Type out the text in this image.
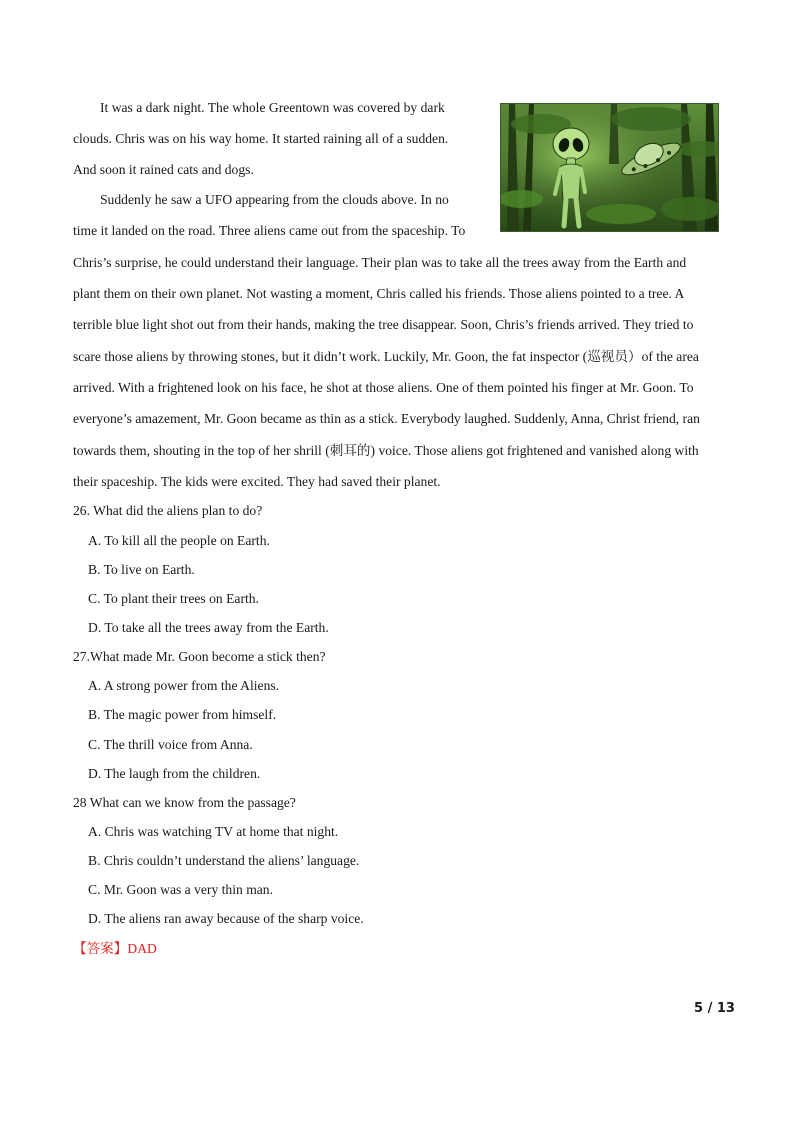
It was a dark night. The whole Greentown was covered by dark
clouds. Chris was on his way home. It started raining all of a sudden.
And soon it rained cats and dogs.
Suddenly he saw a UFO appearing from the clouds above. In no
time it landed on the road. Three aliens came out from the spaceship. To
Chris’s surprise, he could understand their language. Their plan was to take all the trees away from the Earth and
plant them on their own planet. Not wasting a moment, Chris called his friends. Those aliens pointed to a tree. A
terrible blue light shot out from their hands, making the tree disappear. Soon, Chris’s friends arrived. They tried to
scare those aliens by throwing stones, but it didn’t work. Luckily, Mr. Goon, the fat inspector (巡视员）of the area
arrived. With a frightened look on his face, he shot at those aliens. One of them pointed his finger at Mr. Goon. To
everyone’s amazement, Mr. Goon became as thin as a stick. Everybody laughed. Suddenly, Anna, Christ friend, ran
towards them, shouting in the top of her shrill (刺耳的) voice. Those aliens got frightened and vanished along with
their spaceship. The kids were excited. They had saved their planet.
26. What did the aliens plan to do?
A. To kill all the people on Earth.
B. To live on Earth.
C. To plant their trees on Earth.
D. To take all the trees away from the Earth.
27.What made Mr. Goon become a stick then?
A. A strong power from the Aliens.
B. The magic power from himself.
C. The thrill voice from Anna.
D. The laugh from the children.
28 What can we know from the passage?
A. Chris was watching TV at home that night.
B. Chris couldn’t understand the aliens’ language.
C. Mr. Goon was a very thin man.
D. The aliens ran away because of the sharp voice.
【答案】DAD
5 / 13
